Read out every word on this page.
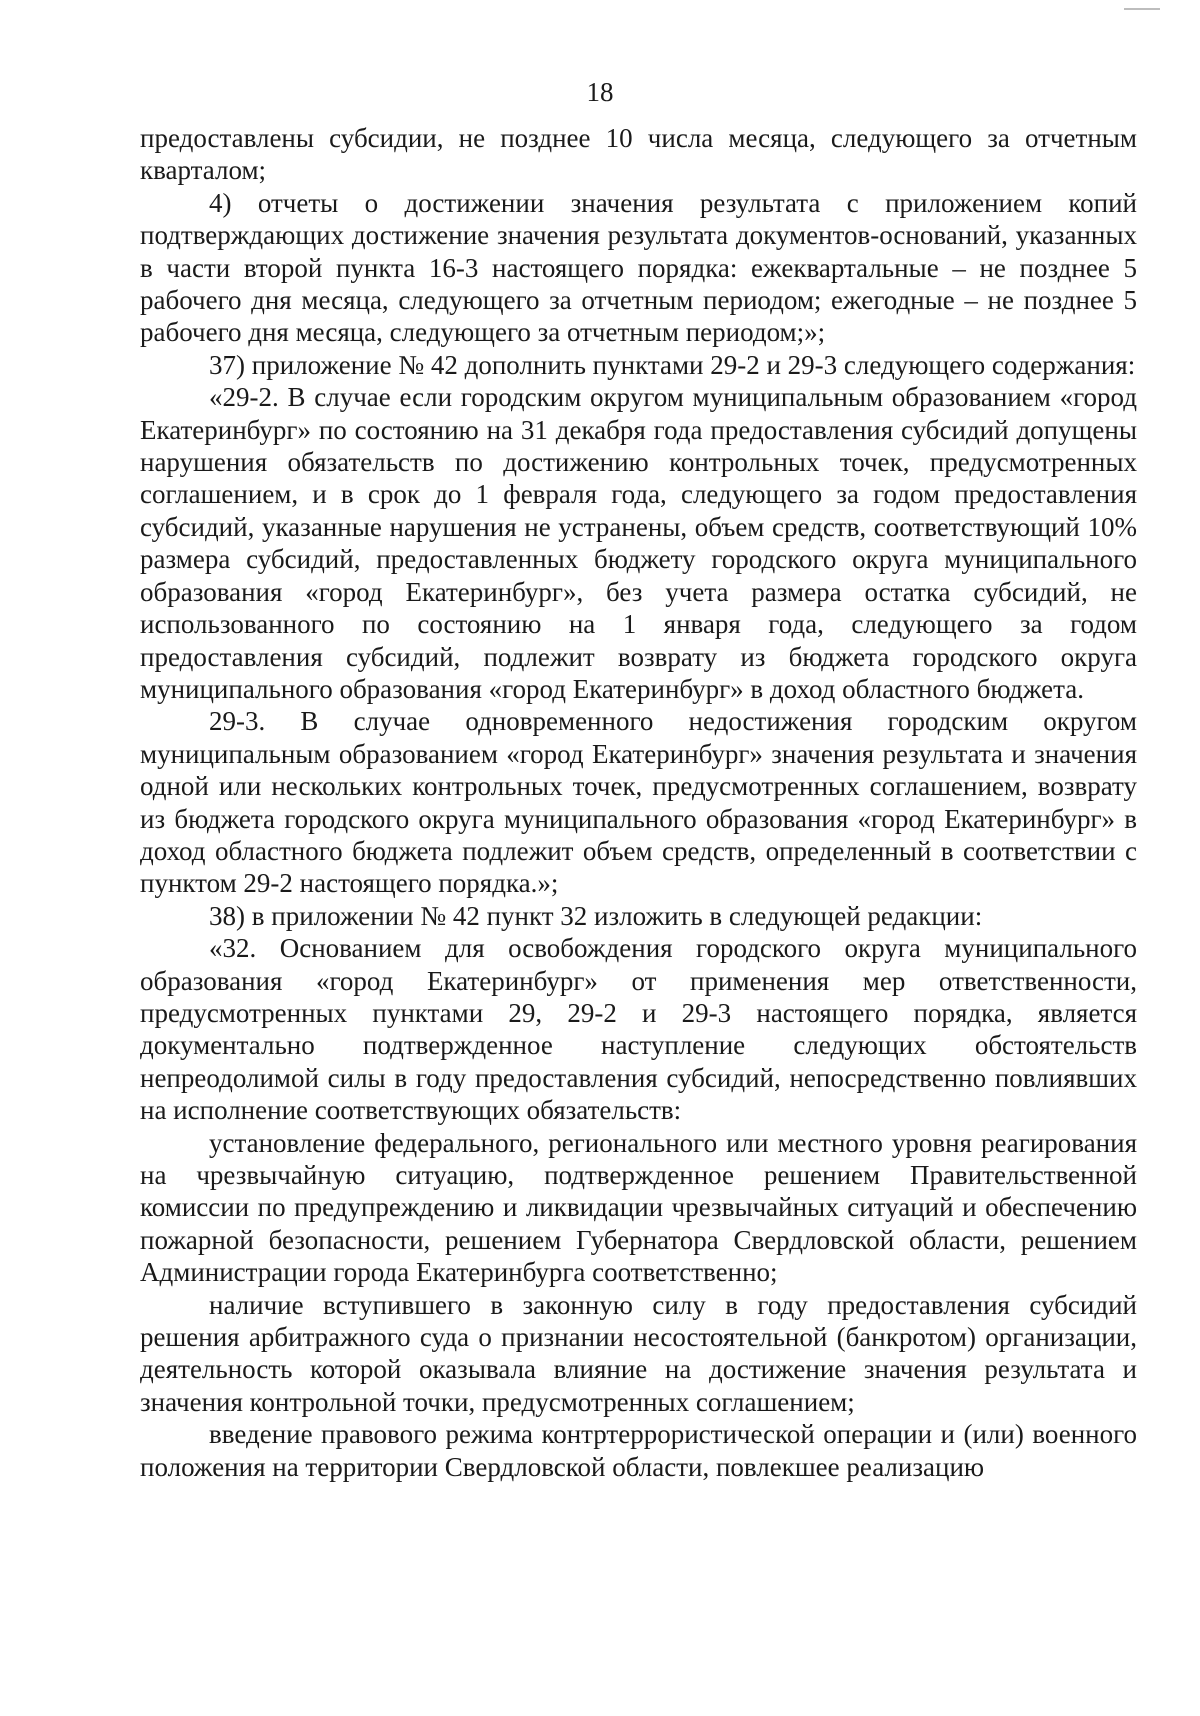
18

предоставлены субсидии, не позднее 10 числа месяца, следующего за отчетным кварталом;

4) отчеты о достижении значения результата с приложением копий подтверждающих достижение значения результата документов-оснований, указанных в части второй пункта 16-3 настоящего порядка: ежеквартальные – не позднее 5 рабочего дня месяца, следующего за отчетным периодом; ежегодные – не позднее 5 рабочего дня месяца, следующего за отчетным периодом;»;

37) приложение № 42 дополнить пунктами 29-2 и 29-3 следующего содержания:

«29-2. В случае если городским округом муниципальным образованием «город Екатеринбург» по состоянию на 31 декабря года предоставления субсидий допущены нарушения обязательств по достижению контрольных точек, предусмотренных соглашением, и в срок до 1 февраля года, следующего за годом предоставления субсидий, указанные нарушения не устранены, объем средств, соответствующий 10% размера субсидий, предоставленных бюджету городского округа муниципального образования «город Екатеринбург», без учета размера остатка субсидий, не использованного по состоянию на 1 января года, следующего за годом предоставления субсидий, подлежит возврату из бюджета городского округа муниципального образования «город Екатеринбург» в доход областного бюджета.

29-3. В случае одновременного недостижения городским округом муниципальным образованием «город Екатеринбург» значения результата и значения одной или нескольких контрольных точек, предусмотренных соглашением, возврату из бюджета городского округа муниципального образования «город Екатеринбург» в доход областного бюджета подлежит объем средств, определенный в соответствии с пунктом 29-2 настоящего порядка.»;

38) в приложении № 42 пункт 32 изложить в следующей редакции:

«32. Основанием для освобождения городского округа муниципального образования «город Екатеринбург» от применения мер ответственности, предусмотренных пунктами 29, 29-2 и 29-3 настоящего порядка, является документально подтвержденное наступление следующих обстоятельств непреодолимой силы в году предоставления субсидий, непосредственно повлиявших на исполнение соответствующих обязательств:

установление федерального, регионального или местного уровня реагирования на чрезвычайную ситуацию, подтвержденное решением Правительственной комиссии по предупреждению и ликвидации чрезвычайных ситуаций и обеспечению пожарной безопасности, решением Губернатора Свердловской области, решением Администрации города Екатеринбурга соответственно;

наличие вступившего в законную силу в году предоставления субсидий решения арбитражного суда о признании несостоятельной (банкротом) организации, деятельность которой оказывала влияние на достижение значения результата и значения контрольной точки, предусмотренных соглашением;

введение правового режима контртеррористической операции и (или) военного положения на территории Свердловской области, повлекшее реализацию
